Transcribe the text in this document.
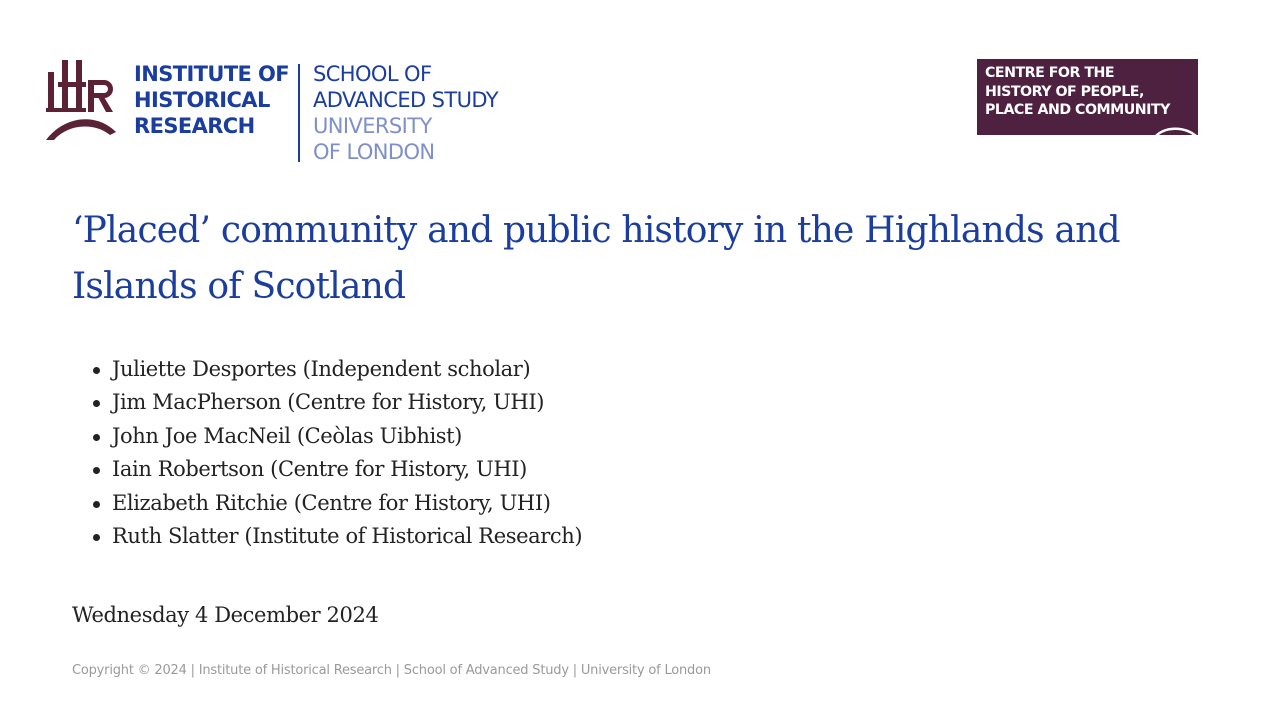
INSTITUTE OF
HISTORICAL
RESEARCH
SCHOOL OF
ADVANCED STUDY
UNIVERSITY
OF LONDON
CENTRE FOR THE
HISTORY OF PEOPLE,
PLACE AND COMMUNITY
‘Placed’ community and public history in the Highlands and Islands of Scotland
Juliette Desportes (Independent scholar)
Jim MacPherson (Centre for History, UHI)
John Joe MacNeil (Ceòlas Uibhist)
Iain Robertson (Centre for History, UHI)
Elizabeth Ritchie (Centre for History, UHI)
Ruth Slatter (Institute of Historical Research)
Wednesday 4 December 2024
Copyright © 2024 | Institute of Historical Research | School of Advanced Study | University of London
